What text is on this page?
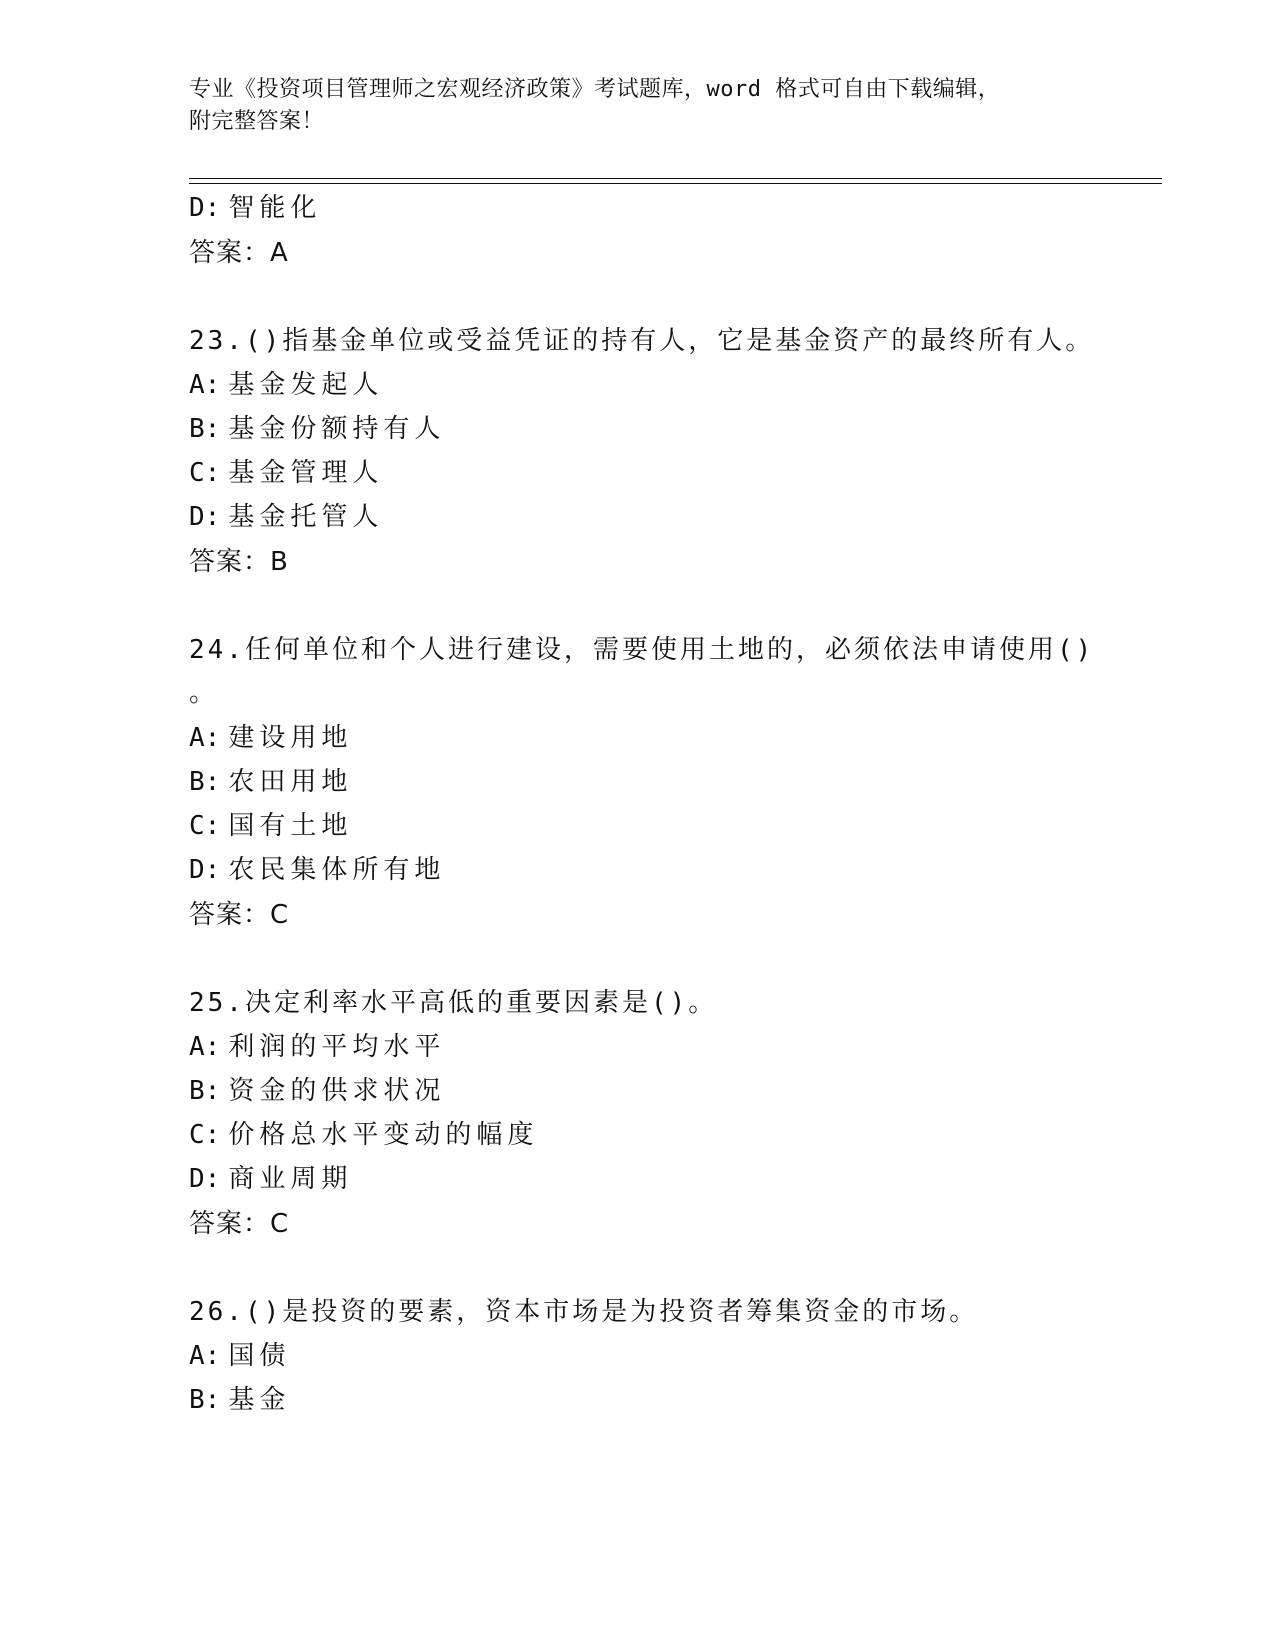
专业《投资项目管理师之宏观经济政策》考试题库，word 格式可自由下载编辑，
附完整答案！
D: 智能化
答案：A
23.()指基金单位或受益凭证的持有人，它是基金资产的最终所有人。
A: 基金发起人
B: 基金份额持有人
C: 基金管理人
D: 基金托管人
答案：B
24.任何单位和个人进行建设，需要使用土地的，必须依法申请使用()
。
A: 建设用地
B: 农田用地
C: 国有土地
D: 农民集体所有地
答案：C
25.决定利率水平高低的重要因素是()。
A: 利润的平均水平
B: 资金的供求状况
C: 价格总水平变动的幅度
D: 商业周期
答案：C
26.()是投资的要素，资本市场是为投资者筹集资金的市场。
A: 国债
B: 基金
